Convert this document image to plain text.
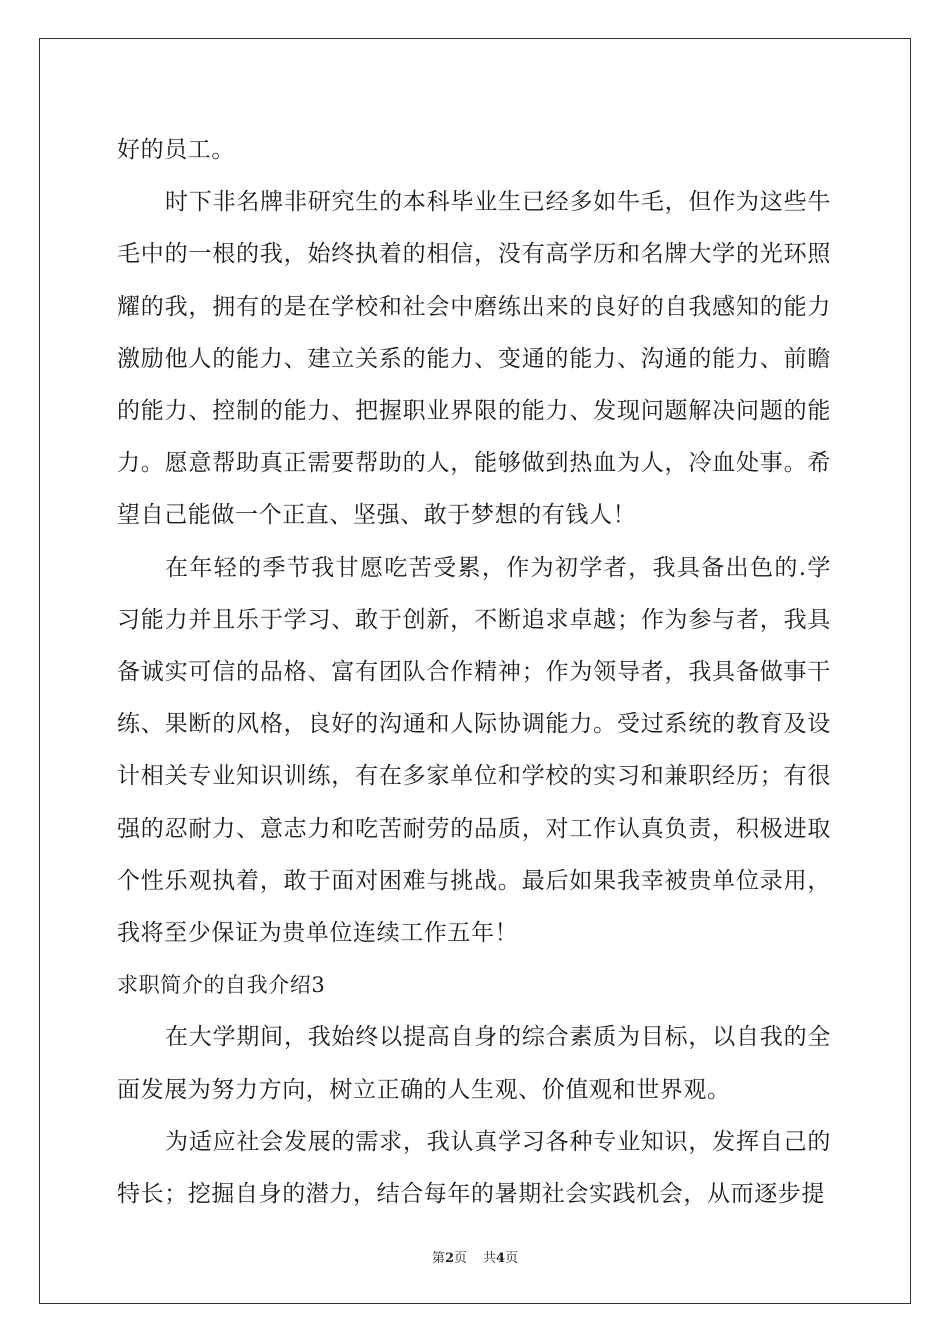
好的员工。

时下非名牌非研究生的本科毕业生已经多如牛毛，但作为这些牛毛中的一根的我，始终执着的相信，没有高学历和名牌大学的光环照耀的我，拥有的是在学校和社会中磨练出来的良好的自我感知的能力激励他人的能力、建立关系的能力、变通的能力、沟通的能力、前瞻的能力、控制的能力、把握职业界限的能力、发现问题解决问题的能力。愿意帮助真正需要帮助的人，能够做到热血为人，冷血处事。希望自己能做一个正直、坚强、敢于梦想的有钱人！

在年轻的季节我甘愿吃苦受累，作为初学者，我具备出色的.学习能力并且乐于学习、敢于创新，不断追求卓越；作为参与者，我具备诚实可信的品格、富有团队合作精神；作为领导者，我具备做事干练、果断的风格，良好的沟通和人际协调能力。受过系统的教育及设计相关专业知识训练，有在多家单位和学校的实习和兼职经历；有很强的忍耐力、意志力和吃苦耐劳的品质，对工作认真负责，积极进取个性乐观执着，敢于面对困难与挑战。最后如果我幸被贵单位录用，我将至少保证为贵单位连续工作五年！

求职简介的自我介绍3

在大学期间，我始终以提高自身的综合素质为目标，以自我的全面发展为努力方向，树立正确的人生观、价值观和世界观。

为适应社会发展的需求，我认真学习各种专业知识，发挥自己的特长；挖掘自身的潜力，结合每年的暑期社会实践机会，从而逐步提

第2页 共4页
